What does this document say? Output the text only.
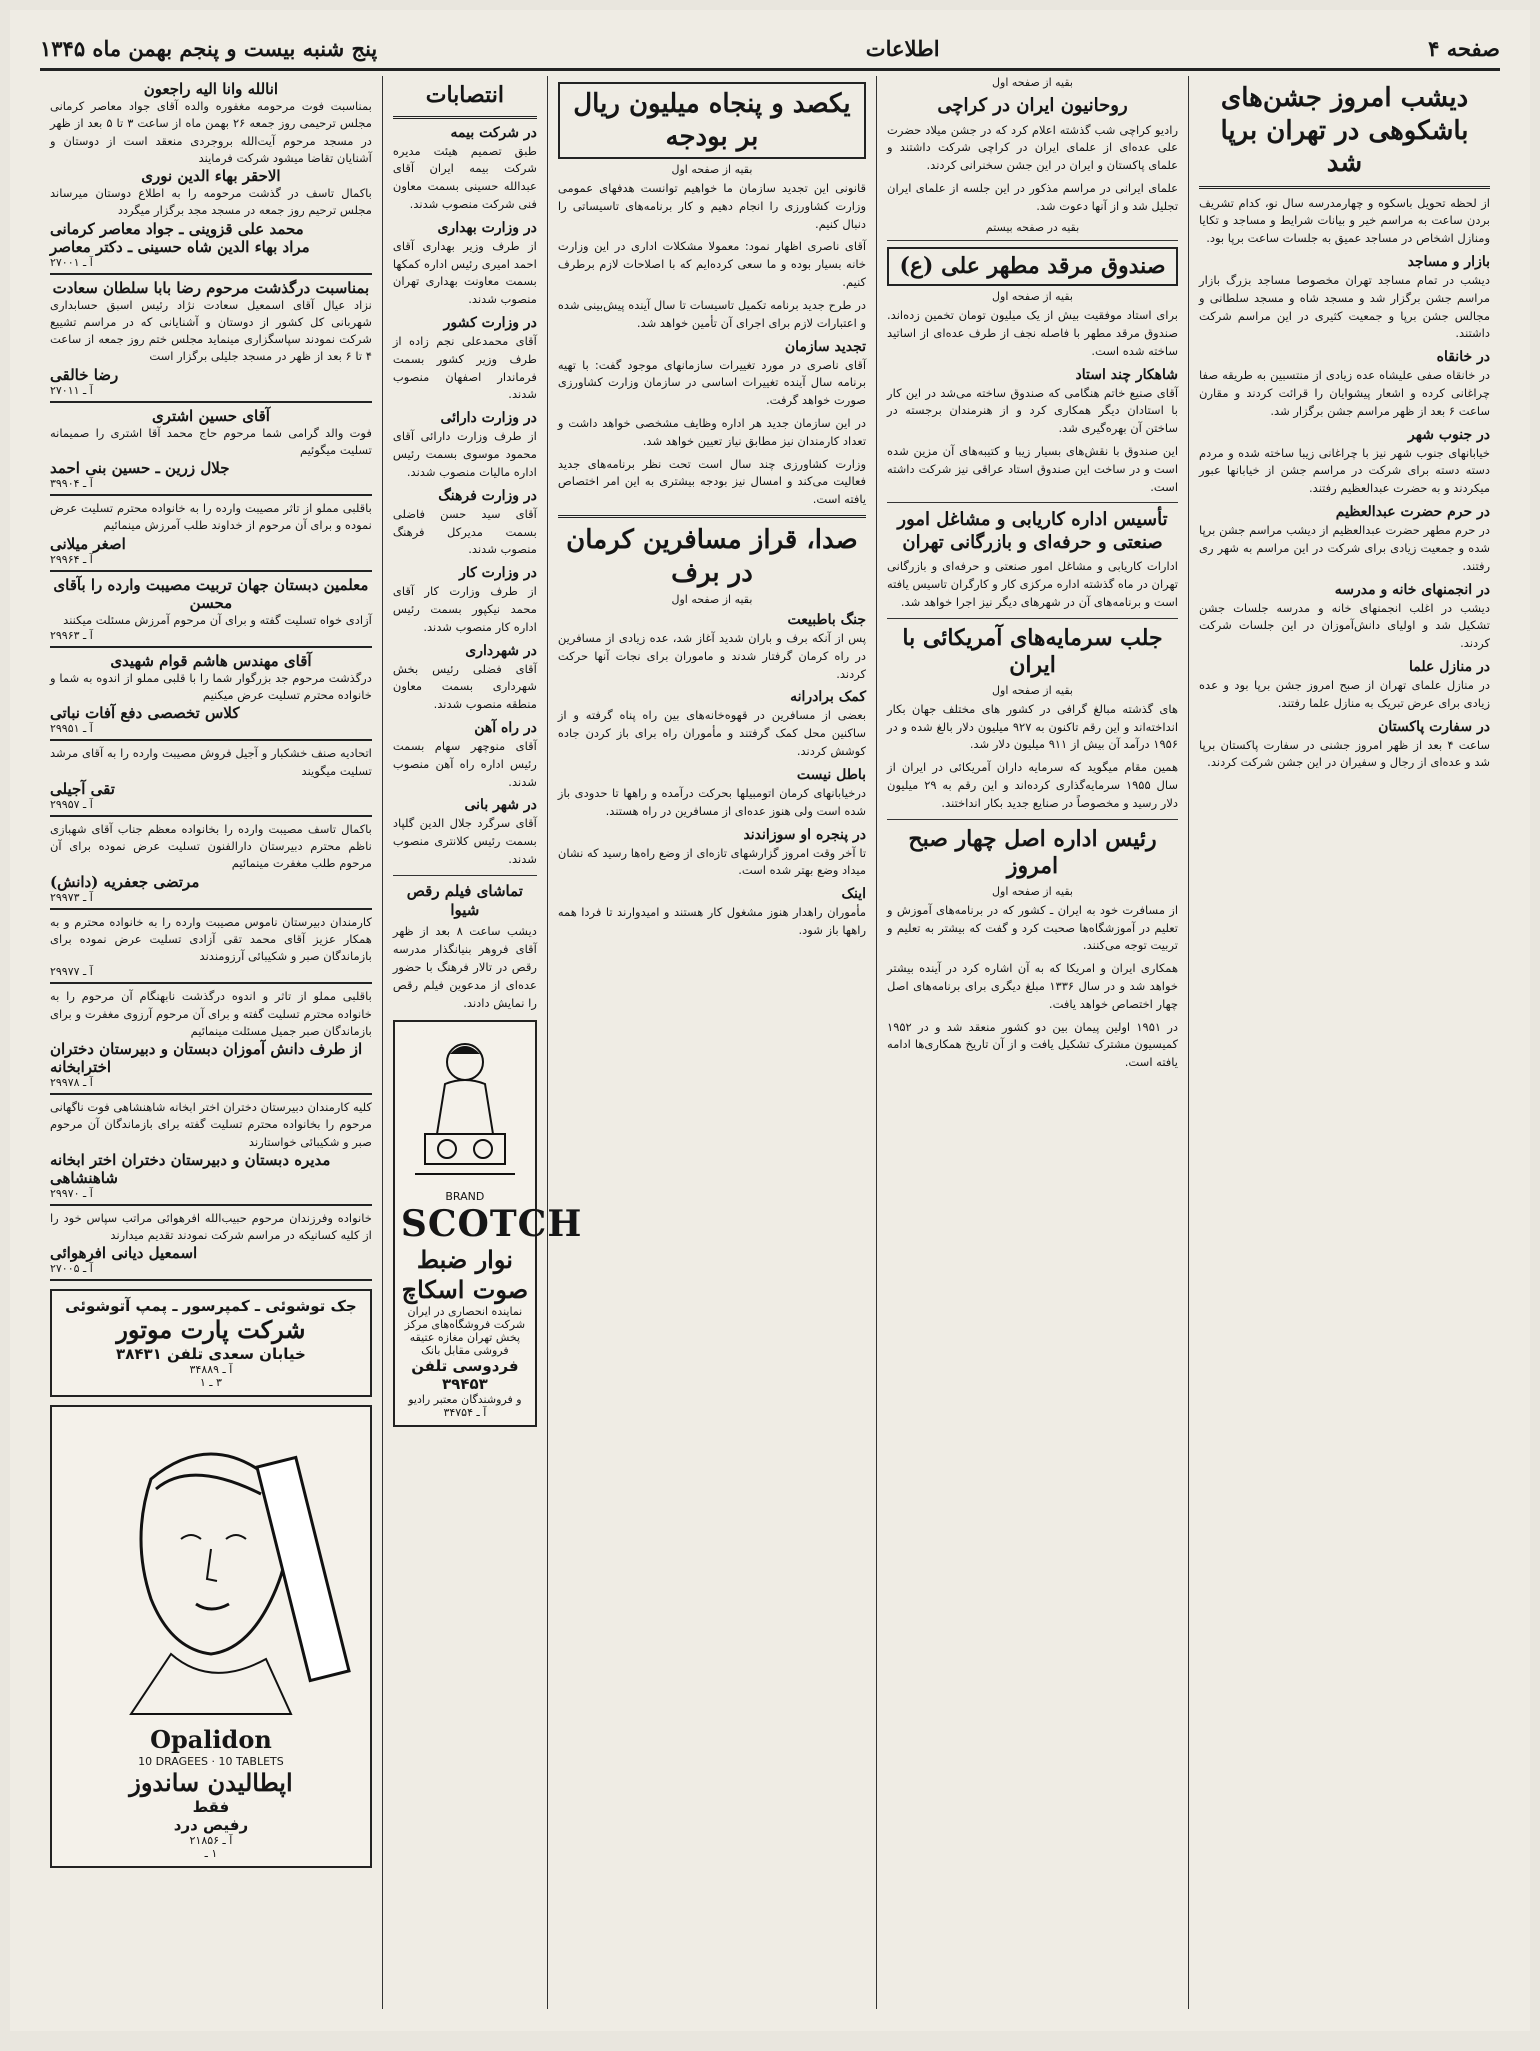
پنج شنبه بیست و پنجم بهمن ماه ۱۳۴۵	اطلاعات	صفحه ۴
دیشب امروز جشن‌های باشکوهی در تهران برپا شد

از لحظه تحویل باسکوه و چهارمدرسه سال نو، کدام تشریف بردن ساعت به مراسم خیر و بیانات شرایط و مساجد و تکایا ومنازل اشخاص در مساجد عمیق به جلسات ساعت برپا بود.

بازار و مساجد

دیشب در تمام مساجد تهران مخصوصا مساجد بزرگ بازار مراسم جشن برگزار شد و مسجد شاه و مسجد سلطانی و مجالس جشن برپا و جمعیت کثیری در این مراسم شرکت داشتند.

در خانقاه

در خانقاه صفی علیشاه عده زیادی از منتسبین به طریقه صفا چراغانی کرده و اشعار پیشوایان را قرائت کردند و مقارن ساعت ۶ بعد از ظهر مراسم جشن برگزار شد.

در جنوب شهر

خیابانهای جنوب شهر نیز با چراغانی زیبا ساخته شده و مردم دسته دسته برای شرکت در مراسم جشن از خیابانها عبور میکردند و به حضرت عبدالعظیم رفتند.

در حرم حضرت عبدالعظیم

در حرم مطهر حضرت عبدالعظیم از دیشب مراسم جشن برپا شده و جمعیت زیادی برای شرکت در این مراسم به شهر ری رفتند.

در انجمنهای خانه و مدرسه

دیشب در اغلب انجمنهای خانه و مدرسه جلسات جشن تشکیل شد و اولیای دانش‌آموزان در این جلسات شرکت کردند.

در منازل علما

در منازل علمای تهران از صبح امروز جشن برپا بود و عده زیادی برای عرض تبریک به منازل علما رفتند.

در سفارت پاکستان

ساعت ۴ بعد از ظهر امروز جشنی در سفارت پاکستان برپا شد و عده‌ای از رجال و سفیران در این جشن شرکت کردند.

بقیه از صفحه اول
روحانیون ایران در کراچی

رادیو کراچی شب گذشته اعلام کرد که در جشن میلاد حضرت علی عده‌ای از علمای ایران در کراچی شرکت داشتند و علمای پاکستان و ایران در این جشن سخنرانی کردند.

علمای ایرانی در مراسم مذکور در این جلسه از علمای ایران تجلیل شد و از آنها دعوت شد.

بقیه در صفحه بیستم
صندوق مرقد مطهر علی (ع)
بقیه از صفحه اول

برای استاد موفقیت بیش از یک میلیون تومان تخمین زده‌اند. صندوق مرقد مطهر با فاصله نجف از طرف عده‌ای از اساتید ساخته شده است.

شاهکار چند استاد

آقای صنیع خاتم هنگامی که صندوق ساخته می‌شد در این کار با استادان دیگر همکاری کرد و از هنرمندان برجسته در ساختن آن بهره‌گیری شد.

این صندوق با نقش‌های بسیار زیبا و کتیبه‌های آن مزین شده است و در ساخت این صندوق استاد عراقی نیز شرکت داشته است.

تأسیس اداره کاریابی و مشاغل امور صنعتی و حرفه‌ای و بازرگانی تهران

ادارات کاریابی و مشاغل امور صنعتی و حرفه‌ای و بازرگانی تهران در ماه گذشته اداره مرکزی کار و کارگران تاسیس یافته است و برنامه‌های آن در شهرهای دیگر نیز اجرا خواهد شد.

جلب سرمایه‌های آمریکائی با ایران
بقیه از صفحه اول

های گذشته مبالغ گرافی در کشور های مختلف جهان بکار انداخته‌اند و این رقم تاکنون به ۹۲۷ میلیون دلار بالغ شده و در ۱۹۵۶ درآمد آن بیش از ۹۱۱ میلیون دلار شد.

همین مقام میگوید که سرمایه داران آمریکائی در ایران از سال ۱۹۵۵ سرمایه‌گذاری کرده‌اند و این رقم به ۲۹ میلیون دلار رسید و مخصوصاً در صنایع جدید بکار انداختند.

رئیس اداره اصل چهار صبح امروز
بقیه از صفحه اول

از مسافرت خود به ایران ـ کشور که در برنامه‌های آموزش و تعلیم در آموزشگاه‌ها صحبت کرد و گفت که بیشتر به تعلیم و تربیت توجه می‌کنند.

همکاری ایران و امریکا که به آن اشاره کرد در آینده بیشتر خواهد شد و در سال ۱۳۳۶ مبلغ دیگری برای برنامه‌های اصل چهار اختصاص خواهد یافت.

در ۱۹۵۱ اولین پیمان بین دو کشور منعقد شد و در ۱۹۵۲ کمیسیون مشترک تشکیل یافت و از آن تاریخ همکاری‌ها ادامه یافته است.

یکصد و پنجاه میلیون ریال بر بودجه
بقیه از صفحه اول

قانونی این تجدید سازمان ما خواهیم توانست هدفهای عمومی وزارت کشاورزی را انجام دهیم و کار برنامه‌های تاسیساتی را دنبال کنیم.

آقای ناصری اظهار نمود: معمولا مشکلات اداری در این وزارت خانه بسیار بوده و ما سعی کرده‌ایم که با اصلاحات لازم برطرف کنیم.

در طرح جدید برنامه تکمیل تاسیسات تا سال آینده پیش‌بینی شده و اعتبارات لازم برای اجرای آن تأمین خواهد شد.

تجدید سازمان

آقای ناصری در مورد تغییرات سازمانهای موجود گفت: با تهیه برنامه سال آینده تغییرات اساسی در سازمان وزارت کشاورزی صورت خواهد گرفت.

در این سازمان جدید هر اداره وظایف مشخصی خواهد داشت و تعداد کارمندان نیز مطابق نیاز تعیین خواهد شد.

وزارت کشاورزی چند سال است تحت نظر برنامه‌های جدید فعالیت می‌کند و امسال نیز بودجه بیشتری به این امر اختصاص یافته است.

صدا، قراز مسافرین کرمان در برف
بقیه از صفحه اول
جنگ باطبیعت

پس از آنکه برف و باران شدید آغاز شد، عده زیادی از مسافرین در راه کرمان گرفتار شدند و ماموران برای نجات آنها حرکت کردند.

کمک برادرانه

بعضی از مسافرین در قهوه‌خانه‌های بین راه پناه گرفته و از ساکنین محل کمک گرفتند و مأموران راه برای باز کردن جاده کوشش کردند.

باطل نیست

درخیابانهای کرمان اتومبیلها بحرکت درآمده و راهها تا حدودی باز شده است ولی هنوز عده‌ای از مسافرین در راه هستند.

در پنجره او سوزاندند

تا آخر وقت امروز گزارشهای تازه‌ای از وضع راه‌ها رسید که نشان میداد وضع بهتر شده است.

اینک

مأموران راهدار هنوز مشغول کار هستند و امیدوارند تا فردا همه راهها باز شود.

انتصابات
در شرکت بیمه

طبق تصمیم هیئت مدیره شرکت بیمه ایران آقای عبدالله حسینی بسمت معاون فنی شرکت منصوب شدند.

در وزارت بهداری

از طرف وزیر بهداری آقای احمد امیری رئیس اداره کمکها بسمت معاونت بهداری تهران منصوب شدند.

در وزارت کشور

آقای محمدعلی نجم زاده از طرف وزیر کشور بسمت فرماندار اصفهان منصوب شدند.

در وزارت دارائی

از طرف وزارت دارائی آقای محمود موسوی بسمت رئیس اداره مالیات منصوب شدند.

در وزارت فرهنگ

آقای سید حسن فاضلی بسمت مدیرکل فرهنگ منصوب شدند.

در وزارت کار

از طرف وزارت کار آقای محمد نیکپور بسمت رئیس اداره کار منصوب شدند.

در شهرداری

آقای فضلی رئیس بخش شهرداری بسمت معاون منطقه منصوب شدند.

در راه آهن

آقای منوچهر سهام بسمت رئیس اداره راه آهن منصوب شدند.

در شهر بانی

آقای سرگرد جلال الدین گلپاد بسمت رئیس کلانتری منصوب شدند.

تماشای فیلم رقص شیوا

دیشب ساعت ۸ بعد از ظهر آقای فروهر بنیانگذار مدرسه رقص در تالار فرهنگ با حضور عده‌ای از مدعوین فیلم رقص را نمایش دادند.

BRAND
SCOTCH
نوار ضبط صوت اسکاچ
نماینده انحصاری در ایران شرکت فروشگاه‌های مرکز پخش تهران مغازه عتیقه فروشی مقابل بانک
فردوسی تلفن ۳۹۴۵۳
و فروشندگان معتبر رادیو
آ ـ ۳۴۷۵۴
انالله وانا الیه راجعون
بمناسبت فوت مرحومه مغفوره والده آقای جواد معاصر کرمانی مجلس ترحیمی روز جمعه ۲۶ بهمن ماه از ساعت ۳ تا ۵ بعد از ظهر در مسجد مرحوم آیت‌الله بروجردی منعقد است از دوستان و آشنایان تقاضا میشود شرکت فرمایند
الاحقر بهاء الدین نوری
باکمال تاسف در گذشت مرحومه را به اطلاع دوستان میرساند مجلس ترحیم روز جمعه در مسجد مجد برگزار میگردد
محمد علی قزوینی ـ جواد معاصر کرمانی
مراد بهاء الدین شاه حسینی ـ دکتر معاصر
آ ـ ۲۷۰۰۱
بمناسبت درگذشت مرحوم رضا بابا سلطان سعادت
نزاد عیال آقای اسمعیل سعادت نژاد رئیس اسبق حسابداری شهربانی کل کشور از دوستان و آشنایانی که در مراسم تشییع شرکت نمودند سپاسگزاری مینماید مجلس ختم روز جمعه از ساعت ۴ تا ۶ بعد از ظهر در مسجد جلیلی برگزار است
رضا خالقی
آ ـ ۲۷۰۱۱
آقای حسین اشتری
فوت والد گرامی شما مرحوم حاج محمد آقا اشتری را صمیمانه تسلیت میگوئیم
جلال زرین ـ حسین بنی احمد
آ ـ ۳۹۹۰۴
باقلبی مملو از تاثر مصیبت وارده را به خانواده محترم تسلیت عرض نموده و برای آن مرحوم از خداوند طلب آمرزش مینمائیم
اصغر میلانی
آ ـ ۲۹۹۶۴
معلمین دبستان جهان تربیت مصیبت وارده را بآقای محسن
آزادی خواه تسلیت گفته و برای آن مرحوم آمرزش مسئلت میکنند
آ ـ ۲۹۹۶۳
آقای مهندس هاشم قوام شهیدی
درگذشت مرحوم جد بزرگوار شما را با قلبی مملو از اندوه به شما و خانواده محترم تسلیت عرض میکنیم
کلاس تخصصی دفع آفات نباتی
آ ـ ۲۹۹۵۱
اتحادیه صنف خشکبار و آجیل فروش مصیبت وارده را به آقای مرشد تسلیت میگویند
تقی آجیلی
آ ـ ۲۹۹۵۷
باکمال تاسف مصیبت وارده را بخانواده معظم جناب آقای شهبازی ناظم محترم دبیرستان دارالفنون تسلیت عرض نموده برای آن مرحوم طلب مغفرت مینمائیم
مرتضی جعفریه (دانش)
آ ـ ۲۹۹۷۳
کارمندان دبیرستان ناموس مصیبت وارده را به خانواده محترم و به همکار عزیز آقای محمد تقی آزادی تسلیت عرض نموده برای بازماندگان صبر و شکیبائی آرزومندند
آ ـ ۲۹۹۷۷
باقلبی مملو از تاثر و اندوه درگذشت نابهنگام آن مرحوم را به خانواده محترم تسلیت گفته و برای آن مرحوم آرزوی مغفرت و برای بازماندگان صبر جمیل مسئلت مینمائیم
از طرف دانش آموزان دبستان و دبیرستان دختران اخترابخانه
آ ـ ۲۹۹۷۸
کلیه کارمندان دبیرستان دختران اختر ابخانه شاهنشاهی فوت ناگهانی مرحوم را بخانواده محترم تسلیت گفته برای بازماندگان آن مرحوم صبر و شکیبائی خواستارند
مدیره دبستان و دبیرستان دختران اختر ابخانه شاهنشاهی
آ ـ ۲۹۹۷۰
خانواده وفرزندان مرحوم حبیب‌الله افرهوائی مراتب سپاس خود را از کلیه کسانیکه در مراسم شرکت نمودند تقدیم میدارند
اسمعیل دیانی افرهوائی
آ ـ ۲۷۰۰۵
جک توشوئی ـ کمپرسور ـ پمپ آتوشوئی
شرکت پارت موتور
خیابان سعدی تلفن ۳۸۴۳۱
آ ـ ۳۴۸۸۹
۳ ـ ۱
Opalidon
10 DRAGEES · 10 TABLETS
اپطالیدن ساندوز
فقط
رفیص درد
آ ـ ۲۱۸۵۶
۱ ـ
